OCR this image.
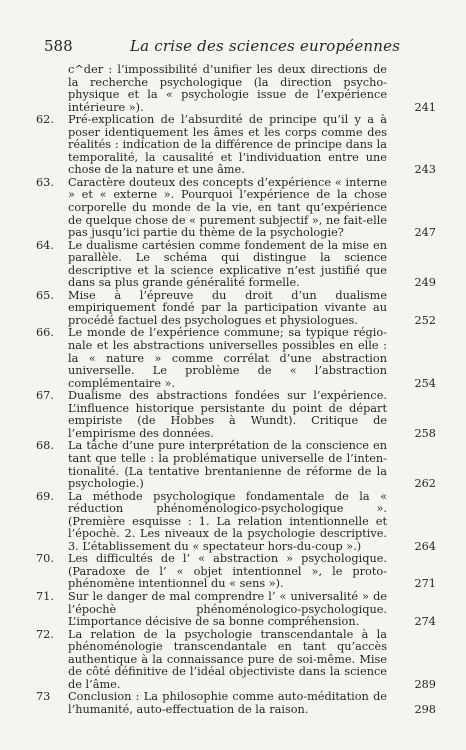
588	La crise des sciences européennes
c^der : l’impossibilité d’unifier les deux directions de la recherche psychologique (la direction psycho-physique et la « psychologie issue de l’expérience intérieure »).	241
62.	Pré-explication de l’absurdité de principe qu’il y a à poser identiquement les âmes et les corps comme des réalités : indication de la différence de principe dans la temporalité, la causalité et l’individuation entre une chose de la nature et une âme.	243
63.	Caractère douteux des concepts d’expérience « interne » et « externe ». Pourquoi l’expérience de la chose corporelle du monde de la vie, en tant qu’expérience de quelque chose de « purement subjectif », ne fait-elle pas jusqu’ici partie du thème de la psychologie?	247
64.	Le dualisme cartésien comme fondement de la mise en parallèle. Le schéma qui distingue la science descriptive et la science explicative n’est justifié que dans sa plus grande généralité formelle.	249
65.	Mise à l’épreuve du droit d’un dualisme empiriquement fondé par la participation vivante au procédé factuel des psychologues et physiologues.	252
66.	Le monde de l’expérience commune; sa typique régionale et les abstractions universelles possibles en elle : la « nature » comme corrélat d’une abstraction universelle. Le problème de « l’abstraction complémentaire ».	254
67.	Dualisme des abstractions fondées sur l’expérience. L’influence historique persistante du point de départ empiriste (de Hobbes à Wundt). Critique de l’empirisme des données.	258
68.	La tâche d’une pure interprétation de la conscience en tant que telle : la problématique universelle de l’intentionalité. (La tentative brentanienne de réforme de la psychologie.)	262
69.	La méthode psychologique fondamentale de la « réduction phénoménologico-psychologique ». (Première esquisse : 1. La relation intentionnelle et l’épochè. 2. Les niveaux de la psychologie descriptive. 3. L’établissement du « spectateur hors-du-coup ».)	264
70.	Les difficultés de l’ « abstraction » psychologique. (Paradoxe de l’ « objet intentionnel », le proto-phénomène intentionnel du « sens »).	271
71.	Sur le danger de mal comprendre l’ « universalité » de l’épochè phénoménologico-psychologique. L’importance décisive de sa bonne compréhension.	274
72.	La relation de la psychologie transcendantale à la phénoménologie transcendantale en tant qu’accès authentique à la connaissance pure de soi-même. Mise de côté définitive de l’idéal objectiviste dans la science de l’âme.	289
73	Conclusion : La philosophie comme auto-méditation de l’humanité, auto-effectuation de la raison.	298
